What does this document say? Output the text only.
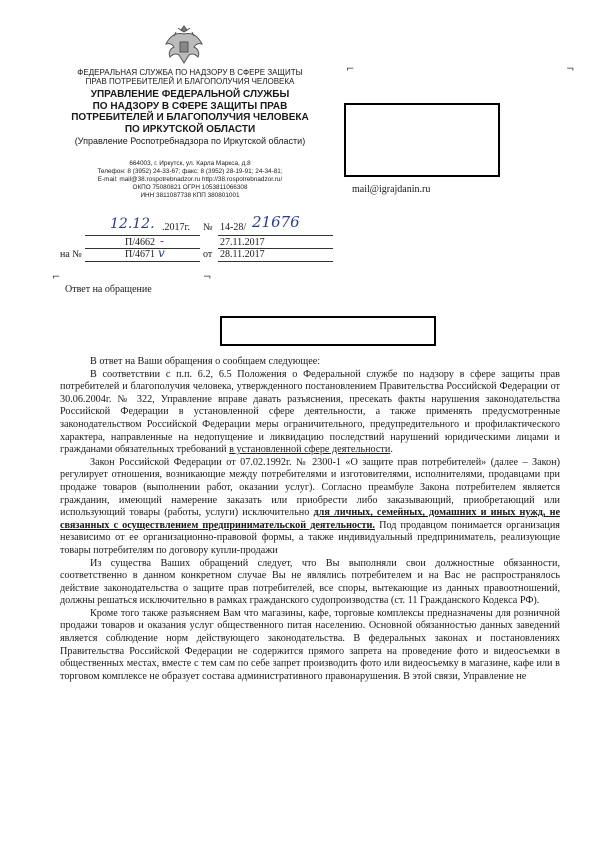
ФЕДЕРАЛЬНАЯ СЛУЖБА ПО НАДЗОРУ В СФЕРЕ ЗАЩИТЫ
ПРАВ ПОТРЕБИТЕЛЕЙ И БЛАГОПОЛУЧИЯ ЧЕЛОВЕКА
УПРАВЛЕНИЕ ФЕДЕРАЛЬНОЙ СЛУЖБЫ
ПО НАДЗОРУ В СФЕРЕ ЗАЩИТЫ ПРАВ
ПОТРЕБИТЕЛЕЙ И БЛАГОПОЛУЧИЯ ЧЕЛОВЕКА
ПО ИРКУТСКОЙ ОБЛАСТИ
(Управление Роспотребнадзора по Иркутской области)
664003, г. Иркутск, ул. Карла Маркса, д.8
Телефон: 8 (3952) 24-33-67; факс: 8 (3952) 28-19-91; 24-34-81;
E-mail: mail@38.rospotrebnadzor.ru http://38.rospotrebnadzor.ru/
ОКПО 75080821 ОГРН 1053811066308
ИНН 3811087738 КПП 380801001
⌐	¬
mail@igrajdanin.ru
12.12. .2017г. № 14-28/ 21676
П/4662 -	27.11.2017
на №	П/4671 v	от 28.11.2017
⌐	¬
Ответ на обращение

В ответ на Ваши обращения о сообщаем следующее:

В соответствии с п.п. 6.2, 6.5 Положения о Федеральной службе по надзору в сфере защиты прав потребителей и благополучия человека, утвержденного постановлением Правительства Российской Федерации от 30.06.2004г. № 322, Управление вправе давать разъяснения, пресекать факты нарушения законодательства Российской Федерации в установленной сфере деятельности, а также применять предусмотренные законодательством Российской Федерации меры ограничительного, предупредительного и профилактического характера, направленные на недопущение и ликвидацию последствий нарушений юридическими лицами и гражданами обязательных требований в установленной сфере деятельности.

Закон Российской Федерации от 07.02.1992г. № 2300-1 «О защите прав потребителей» (далее – Закон) регулирует отношения, возникающие между потребителями и изготовителями, исполнителями, продавцами при продаже товаров (выполнении работ, оказании услуг). Согласно преамбуле Закона потребителем является гражданин, имеющий намерение заказать или приобрести либо заказывающий, приобретающий или использующий товары (работы, услуги) исключительно для личных, семейных, домашних и иных нужд, не связанных с осуществлением предпринимательской деятельности. Под продавцом понимается организация независимо от ее организационно-правовой формы, а также индивидуальный предприниматель, реализующие товары потребителям по договору купли-продажи

Из существа Ваших обращений следует, что Вы выполняли свои должностные обязанности, соответственно в данном конкретном случае Вы не являлись потребителем и на Вас не распространялось действие законодательства о защите прав потребителей, все споры, вытекающие из данных правоотношений, должны решаться исключительно в рамках гражданского судопроизводства (ст. 11 Гражданского Кодекса РФ).

Кроме того также разъясняем Вам что магазины, кафе, торговые комплексы предназначены для розничной продажи товаров и оказания услуг общественного питая населению. Основной обязанностью данных заведений является соблюдение норм действующего законодательства. В федеральных законах и постановлениях Правительства Российской Федерации не содержится прямого запрета на проведение фото и видеосъемки в общественных местах, вместе с тем сам по себе запрет производить фото или видеосъемку в магазине, кафе или в торговом комплексе не образует состава административного правонарушения. В этой связи, Управление не
